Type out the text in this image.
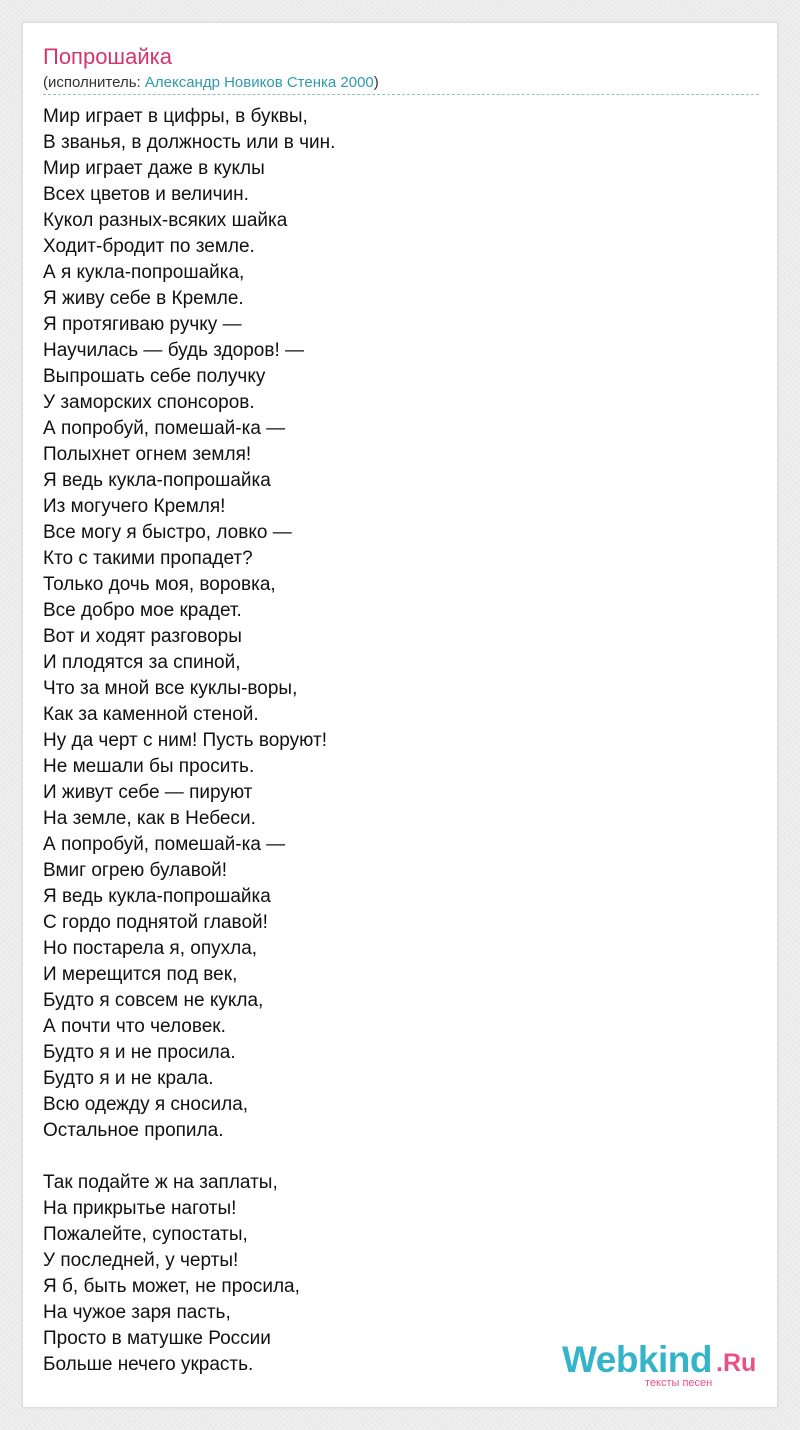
Попрошайка
(исполнитель: Александр Новиков Стенка 2000)
Мир играет в цифры, в буквы,
В званья, в должность или в чин.
Мир играет даже в куклы
Всех цветов и величин.
Кукол разных-всяких шайка
Ходит-бродит по земле.
А я кукла-попрошайка,
Я живу себе в Кремле.
Я протягиваю ручку —
Научилась — будь здоров! —
Выпрошать себе получку
У заморских спонсоров.
А попробуй, помешай-ка —
Полыхнет огнем земля!
Я ведь кукла-попрошайка
Из могучего Кремля!
Все могу я быстро, ловко —
Кто с такими пропадет?
Только дочь моя, воровка,
Все добро мое крадет.
Вот и ходят разговоры
И плодятся за спиной,
Что за мной все куклы-воры,
Как за каменной стеной.
Ну да черт с ним! Пусть воруют!
Не мешали бы просить.
И живут себе — пируют
На земле, как в Небеси.
А попробуй, помешай-ка —
Вмиг огрею булавой!
Я ведь кукла-попрошайка
С гордо поднятой главой!
Но постарела я, опухла,
И мерещится под век,
Будто я совсем не кукла,
А почти что человек.
Будто я и не просила.
Будто я и не крала.
Всю одежду я сносила,
Остальное пропила.
Так подайте ж на заплаты,
На прикрытье наготы!
Пожалейте, супостаты,
У последней, у черты!
Я б, быть может, не просила,
На чужое заря пасть,
Просто в матушке России
Больше нечего украсть.	Webkind .Ru
тексты песен
